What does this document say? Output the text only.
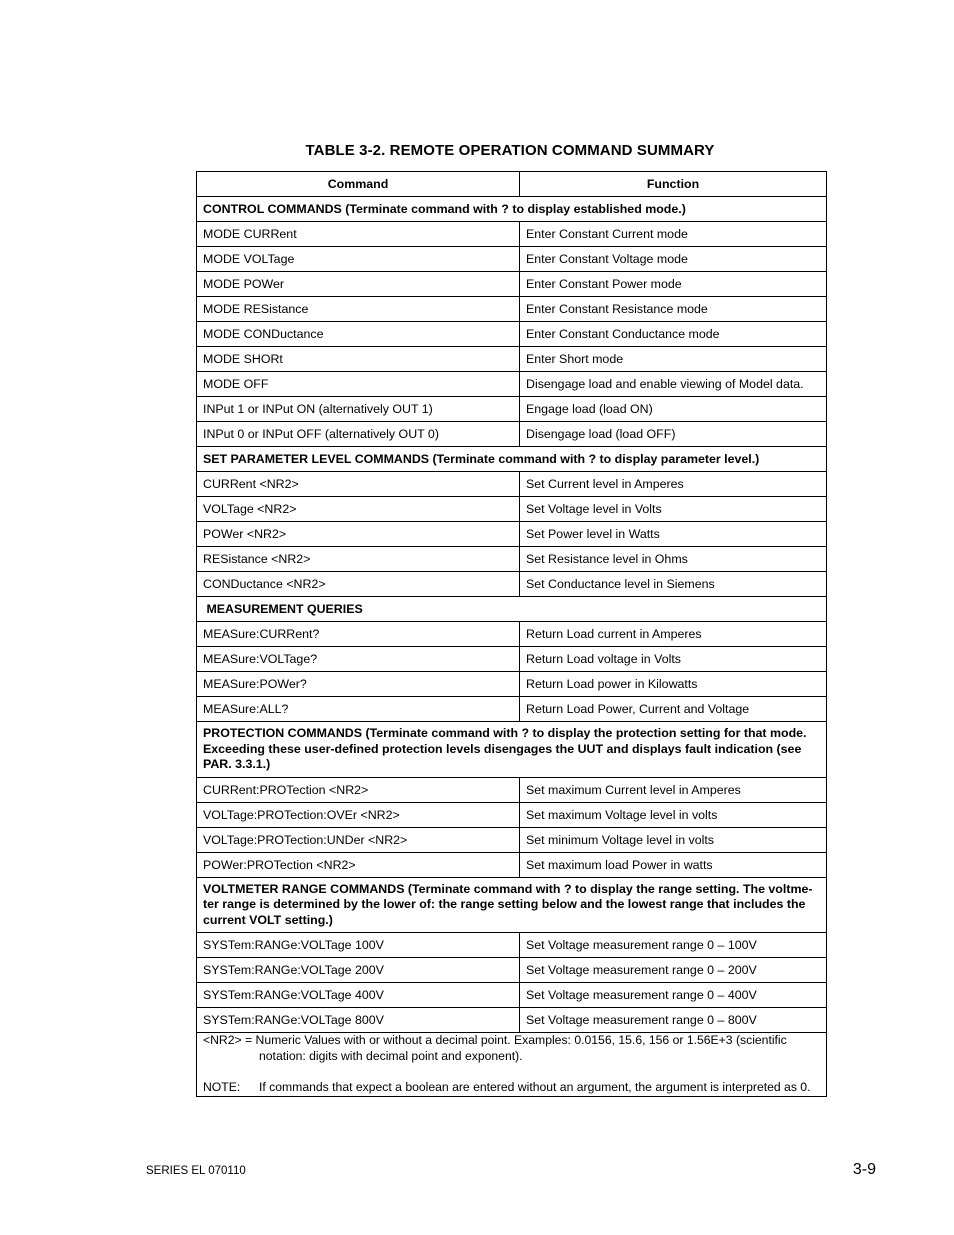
TABLE 3-2. REMOTE OPERATION COMMAND SUMMARY
Command	Function
CONTROL COMMANDS (Terminate command with ? to display established mode.)	
MODE CURRent	Enter Constant Current mode
MODE VOLTage	Enter Constant Voltage mode
MODE POWer	Enter Constant Power mode
MODE RESistance	Enter Constant Resistance mode
MODE CONDuctance	Enter Constant Conductance mode
MODE SHORt	Enter Short mode
MODE OFF	Disengage load and enable viewing of Model data.
INPut 1 or INPut ON (alternatively OUT 1)	Engage load (load ON)
INPut 0 or INPut OFF (alternatively OUT 0)	Disengage load (load OFF)
SET PARAMETER LEVEL COMMANDS (Terminate command with ? to display parameter level.)	
CURRent <NR2>	Set Current level in Amperes
VOLTage <NR2>	Set Voltage level in Volts
POWer <NR2>	Set Power level in Watts
RESistance <NR2>	Set Resistance level in Ohms
CONDuctance <NR2>	Set Conductance level in Siemens
MEASUREMENT QUERIES	
MEASure:CURRent?	Return Load current in Amperes
MEASure:VOLTage?	Return Load voltage in Volts
MEASure:POWer?	Return Load power in Kilowatts
MEASure:ALL?	Return Load Power, Current and Voltage
PROTECTION COMMANDS (Terminate command with ? to display the protection setting for that mode. Exceeding these user-defined protection levels disengages the UUT and displays fault indication (see PAR. 3.3.1.)	
CURRent:PROTection <NR2>	Set maximum Current level in Amperes
VOLTage:PROTection:OVEr <NR2>	Set maximum Voltage level in volts
VOLTage:PROTection:UNDer <NR2>	Set minimum Voltage level in volts
POWer:PROTection <NR2>	Set maximum load Power in watts
VOLTMETER RANGE COMMANDS (Terminate command with ? to display the range setting. The voltme-ter range is determined by the lower of: the range setting below and the lowest range that includes the current VOLT setting.)	
SYSTem:RANGe:VOLTage 100V	Set Voltage measurement range 0 – 100V
SYSTem:RANGe:VOLTage 200V	Set Voltage measurement range 0 – 200V
SYSTem:RANGe:VOLTage 400V	Set Voltage measurement range 0 – 400V
SYSTem:RANGe:VOLTage 800V	Set Voltage measurement range 0 – 800V

<NR2> = Numeric Values with or without a decimal point. Examples: 0.0156, 15.6, 156 or 1.56E+3 (scientific
notation: digits with decimal point and exponent).
NOTE: If commands that expect a boolean are entered without an argument, the argument is interpreted as 0.	
SERIES EL 070110	3-9
